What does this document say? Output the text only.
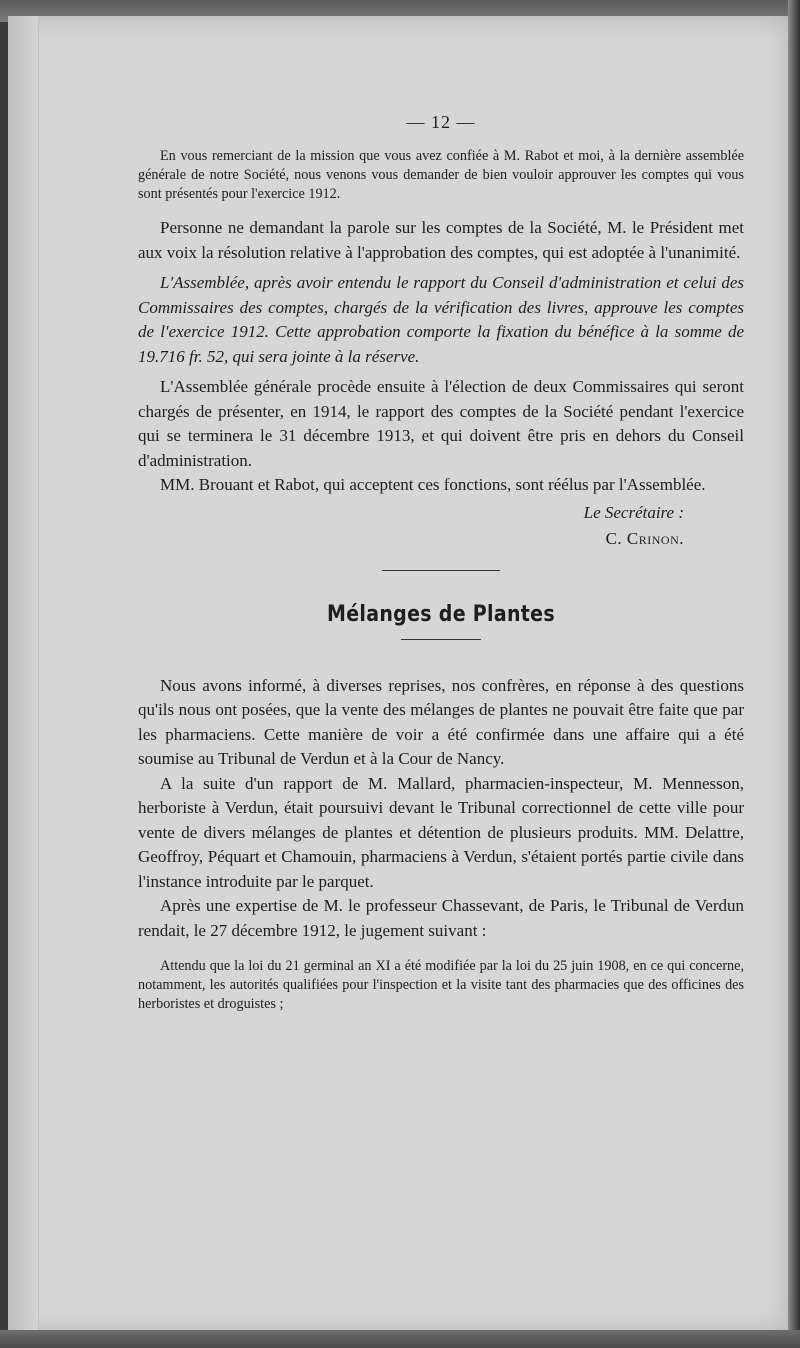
— 12 —

En vous remerciant de la mission que vous avez confiée à M. Rabot et moi, à la dernière assemblée générale de notre Société, nous venons vous demander de bien vouloir approuver les comptes qui vous sont présentés pour l'exercice 1912.

Personne ne demandant la parole sur les comptes de la Société, M. le Président met aux voix la résolution relative à l'approbation des comptes, qui est adoptée à l'unanimité.

L'Assemblée, après avoir entendu le rapport du Conseil d'administration et celui des Commissaires des comptes, chargés de la vérification des livres, approuve les comptes de l'exercice 1912. Cette approbation comporte la fixation du bénéfice à la somme de 19.716 fr. 52, qui sera jointe à la réserve.

L'Assemblée générale procède ensuite à l'élection de deux Commissaires qui seront chargés de présenter, en 1914, le rapport des comptes de la Société pendant l'exercice qui se terminera le 31 décembre 1913, et qui doivent être pris en dehors du Conseil d'administration.

MM. Brouant et Rabot, qui acceptent ces fonctions, sont réélus par l'Assemblée.

Le Secrétaire :
C. Crinon.
Mélanges de Plantes

Nous avons informé, à diverses reprises, nos confrères, en réponse à des questions qu'ils nous ont posées, que la vente des mélanges de plantes ne pouvait être faite que par les pharmaciens. Cette manière de voir a été confirmée dans une affaire qui a été soumise au Tribunal de Verdun et à la Cour de Nancy.

A la suite d'un rapport de M. Mallard, pharmacien-inspecteur, M. Mennesson, herboriste à Verdun, était poursuivi devant le Tribunal correctionnel de cette ville pour vente de divers mélanges de plantes et détention de plusieurs produits. MM. Delattre, Geoffroy, Péquart et Chamouin, pharmaciens à Verdun, s'étaient portés partie civile dans l'instance introduite par le parquet.

Après une expertise de M. le professeur Chassevant, de Paris, le Tribunal de Verdun rendait, le 27 décembre 1912, le jugement suivant :

Attendu que la loi du 21 germinal an XI a été modifiée par la loi du 25 juin 1908, en ce qui concerne, notamment, les autorités qualifiées pour l'inspection et la visite tant des pharmacies que des officines des herboristes et droguistes ;
